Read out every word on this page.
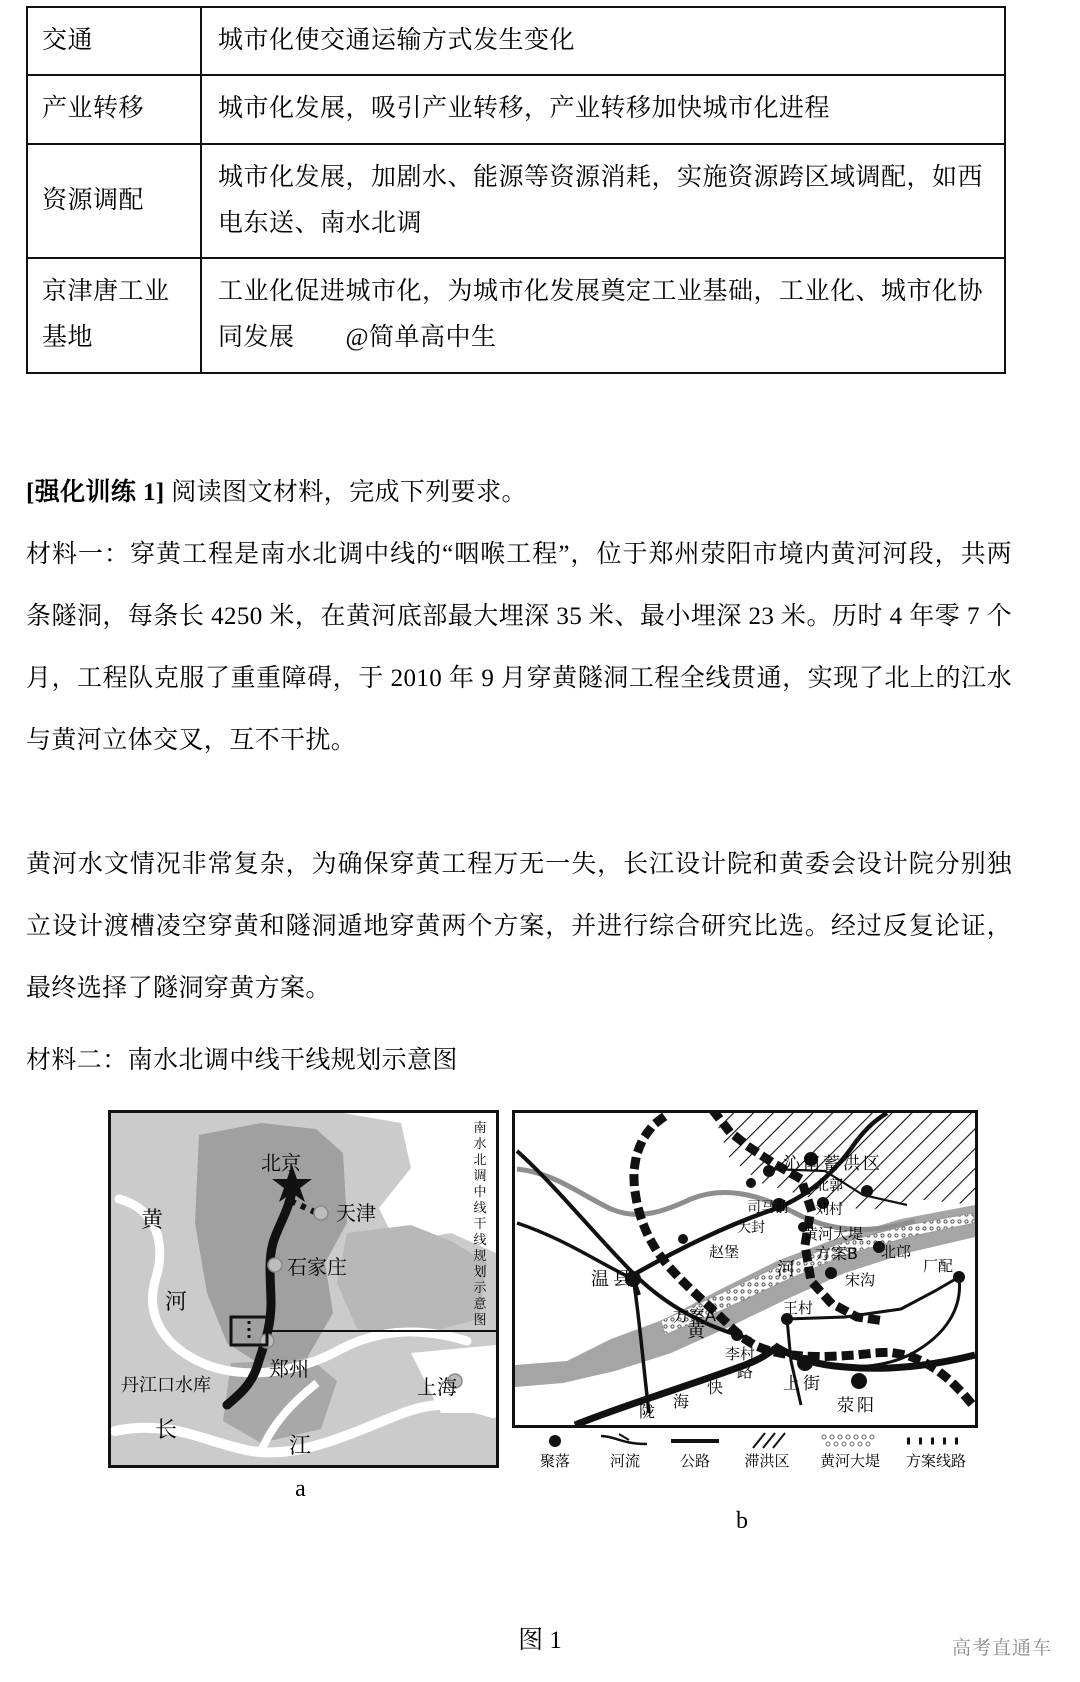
交通	城市化使交通运输方式发生变化
产业转移	城市化发展，吸引产业转移，产业转移加快城市化进程
资源调配	城市化发展，加剧水、能源等资源消耗，实施资源跨区域调配，如西电东送、南水北调
京津唐工业基地	工业化促进城市化，为城市化发展奠定工业基础，工业化、城市化协同发展　　@简单高中生
[强化训练 1] 阅读图文材料，完成下列要求。
材料一：穿黄工程是南水北调中线的“咽喉工程”，位于郑州荥阳市境内黄河河段，共两条隧洞，每条长 4250 米，在黄河底部最大埋深 35 米、最小埋深 23 米。历时 4 年零 7 个月，工程队克服了重重障碍，于 2010 年 9 月穿黄隧洞工程全线贯通，实现了北上的江水与黄河立体交叉，互不干扰。
黄河水文情况非常复杂，为确保穿黄工程万无一失，长江设计院和黄委会设计院分别独立设计渡槽凌空穿黄和隧洞遁地穿黄两个方案，并进行综合研究比选。经过反复论证，最终选择了隧洞穿黄方案。
材料二：南水北调中线干线规划示意图
南水北调中线干线规划示意图
北京
天津
石家庄
黄
河
郑州
丹江口水库	上海
长
江
a
沁南蓄洪区
北郭
司马前 刘村
大封	黄河大堤
温县
赵堡
方案A
方案B 北邙
宋沟
厂配
王村
李村
黄
河
上街
荥阳
陇
海
快
路
聚落	河流	公路	滞洪区	黄河大堤	方案线路
b
图 1	高考直通车
